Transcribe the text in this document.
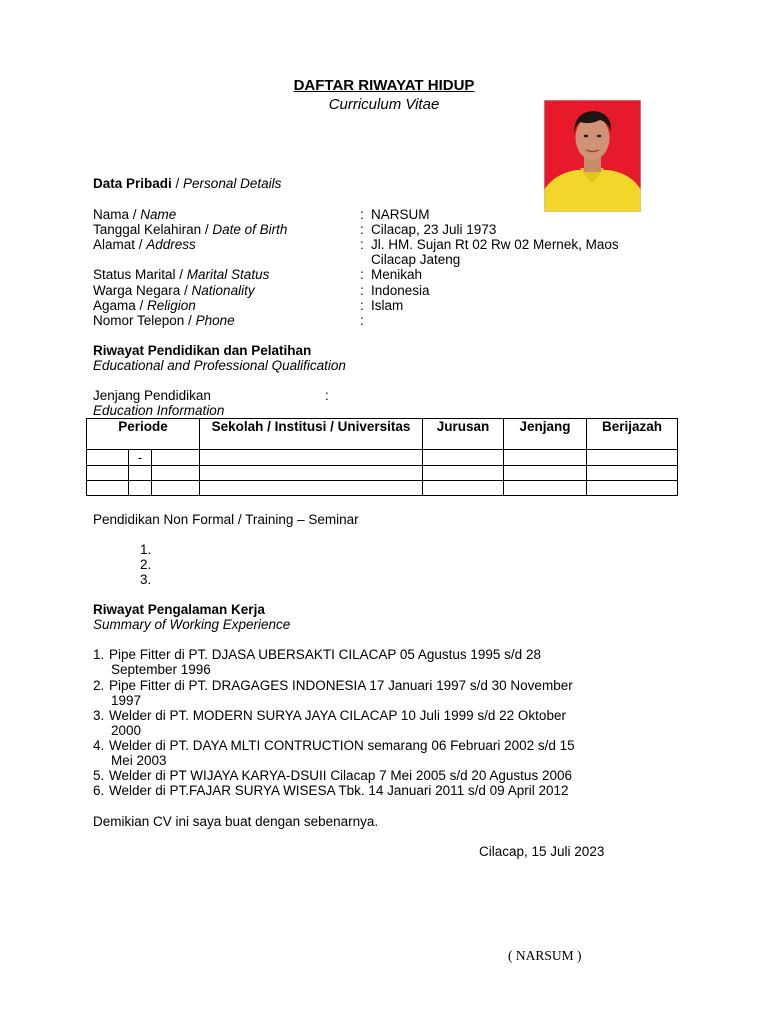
DAFTAR RIWAYAT HIDUP
Curriculum Vitae
Data Pribadi / Personal Details
Nama / Name	: NARSUM
Tanggal Kelahiran / Date of Birth	: Cilacap, 23 Juli 1973
Alamat / Address	: Jl. HM. Sujan Rt 02 Rw 02 Mernek, Maos
Cilacap Jateng
Status Marital / Marital Status	: Menikah
Warga Negara / Nationality	: Indonesia
Agama / Religion	: Islam
Nomor Telepon / Phone	:
Riwayat Pendidikan dan Pelatihan
Educational and Professional Qualification
Jenjang Pendidikan	:
Education Information
Periode			Sekolah / Institusi / Universitas	Jurusan	Jenjang	Berijazah
	-					

Pendidikan Non Formal / Training – Seminar
1.
2.
3.
Riwayat Pengalaman Kerja
Summary of Working Experience
1. Pipe Fitter di PT. DJASA UBERSAKTI CILACAP 05 Agustus 1995 s/d 28
September 1996
2. Pipe Fitter di PT. DRAGAGES INDONESIA 17 Januari 1997 s/d 30 November
1997
3. Welder di PT. MODERN SURYA JAYA CILACAP 10 Juli 1999 s/d 22 Oktober
2000
4. Welder di PT. DAYA MLTI CONTRUCTION semarang 06 Februari 2002 s/d 15
Mei 2003
5. Welder di PT WIJAYA KARYA-DSUII Cilacap 7 Mei 2005 s/d 20 Agustus 2006
6. Welder di PT.FAJAR SURYA WISESA Tbk. 14 Januari 2011 s/d 09 April 2012
Demikian CV ini saya buat dengan sebenarnya.
Cilacap, 15 Juli 2023
( NARSUM )
